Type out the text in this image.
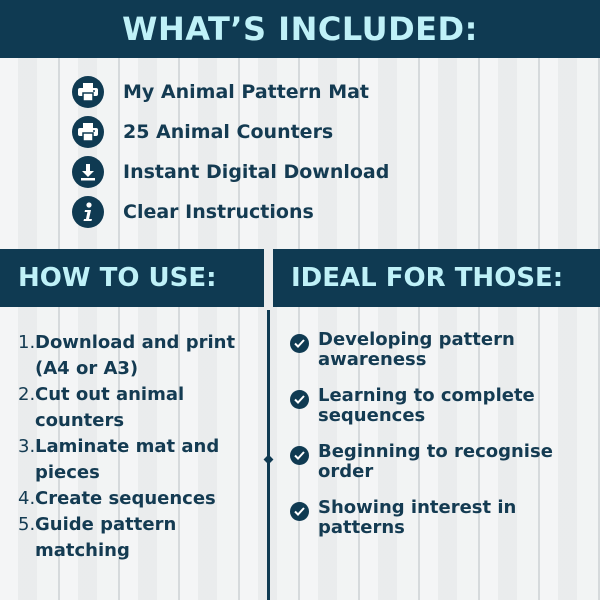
WHAT’S INCLUDED:
My Animal Pattern Mat
25 Animal Counters
Instant Digital Download
Clear Instructions
HOW TO USE:	IDEAL FOR THOSE:
1. Download and print (A4 or A3)
2. Cut out animal counters
3. Laminate mat and pieces
4. Create sequences
5. Guide pattern matching
Developing pattern awareness
Learning to complete sequences
Beginning to recognise order
Showing interest in patterns
